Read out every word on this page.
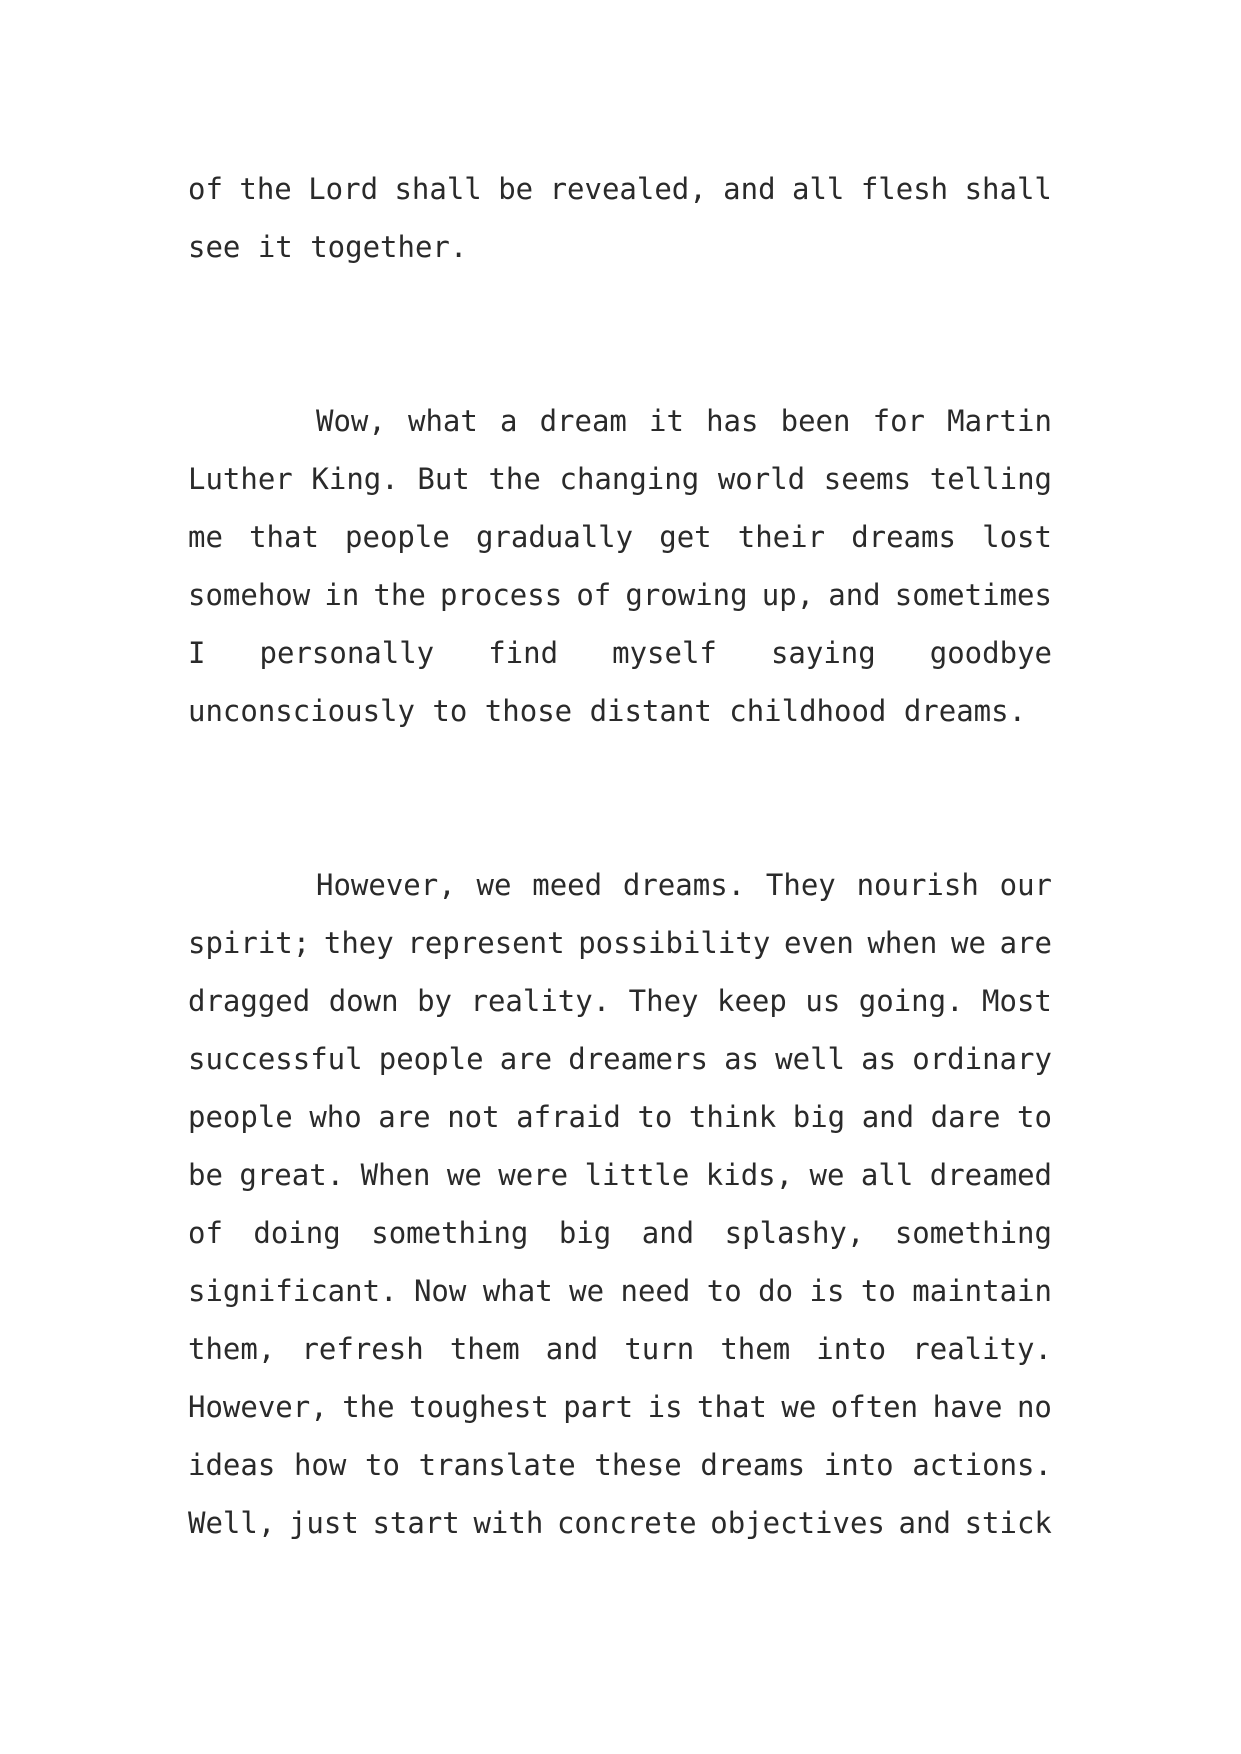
of the Lord shall be revealed, and all flesh shall
see it together.
Wow, what a dream it has been for Martin
Luther King. But the changing world seems telling
me that people gradually get their dreams lost
somehow in the process of growing up, and sometimes
I personally find myself saying goodbye
unconsciously to those distant childhood dreams.
However, we meed dreams. They nourish our
spirit; they represent possibility even when we are
dragged down by reality. They keep us going. Most
successful people are dreamers as well as ordinary
people who are not afraid to think big and dare to
be great. When we were little kids, we all dreamed
of doing something big and splashy, something
significant. Now what we need to do is to maintain
them, refresh them and turn them into reality.
However, the toughest part is that we often have no
ideas how to translate these dreams into actions.
Well, just start with concrete objectives and stick
